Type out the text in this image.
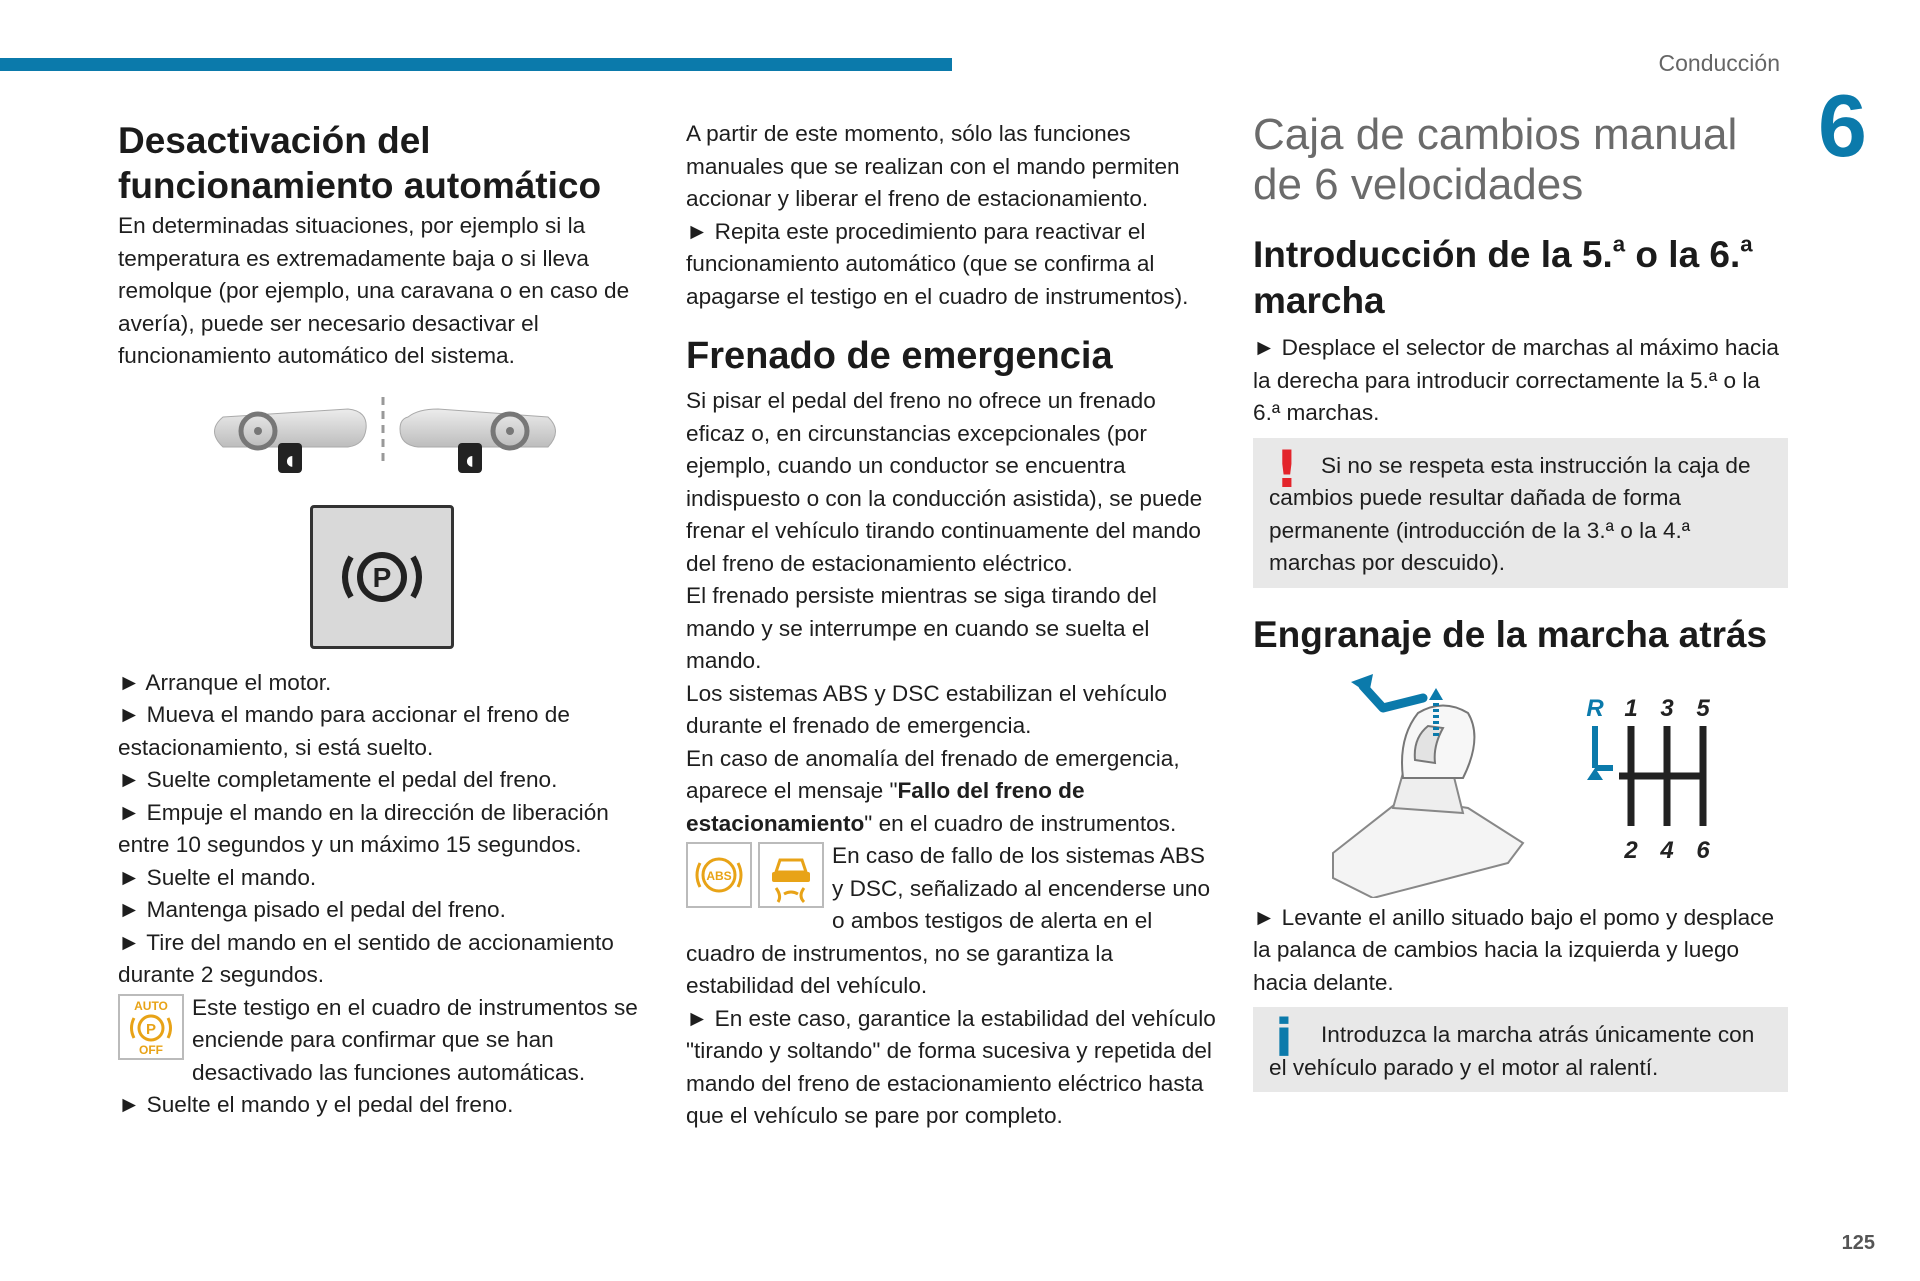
Conducción
6
125
Desactivación del funcionamiento automático

En determinadas situaciones, por ejemplo si la temperatura es extremadamente baja o si lleva remolque (por ejemplo, una caravana o en caso de avería), puede ser necesario desactivar el funcionamiento automático del sistema.

◖	◖
P

► Arranque el motor.

► Mueva el mando para accionar el freno de estacionamiento, si está suelto.

► Suelte completamente el pedal del freno.

► Empuje el mando en la dirección de liberación entre 10 segundos y un máximo 15 segundos.

► Suelte el mando.

► Mantenga pisado el pedal del freno.

► Tire del mando en el sentido de accionamiento durante 2 segundos.

AUTO
P
OFF

Este testigo en el cuadro de instrumentos se enciende para confirmar que se han desactivado las funciones automáticas.

► Suelte el mando y el pedal del freno.

A partir de este momento, sólo las funciones manuales que se realizan con el mando permiten accionar y liberar el freno de estacionamiento.

► Repita este procedimiento para reactivar el funcionamiento automático (que se confirma al apagarse el testigo en el cuadro de instrumentos).

Frenado de emergencia

Si pisar el pedal del freno no ofrece un frenado eficaz o, en circunstancias excepcionales (por ejemplo, cuando un conductor se encuentra indispuesto o con la conducción asistida), se puede frenar el vehículo tirando continuamente del mando del freno de estacionamiento eléctrico.

El frenado persiste mientras se siga tirando del mando y se interrumpe en cuando se suelta el mando.

Los sistemas ABS y DSC estabilizan el vehículo durante el frenado de emergencia.

En caso de anomalía del frenado de emergencia, aparece el mensaje "Fallo del freno de estacionamiento" en el cuadro de instrumentos.

ABS

En caso de fallo de los sistemas ABS y DSC, señalizado al encenderse uno o ambos testigos de alerta en el cuadro de instrumentos, no se garantiza la estabilidad del vehículo.

► En este caso, garantice la estabilidad del vehículo "tirando y soltando" de forma sucesiva y repetida del mando del freno de estacionamiento eléctrico hasta que el vehículo se pare por completo.

Caja de cambios manual de 6 velocidades
Introducción de la 5.$^a$ o la 6.$^a$ marcha

► Desplace el selector de marchas al máximo hacia la derecha para introducir correctamente la 5.ª o la 6.ª marchas.

! Si no se respeta esta instrucción la caja de cambios puede resultar dañada de forma permanente (introducción de la 3.ª o la 4.ª marchas por descuido).

Engranaje de la marcha atrás
R 1 3 5
2 4 6

► Levante el anillo situado bajo el pomo y desplace la palanca de cambios hacia la izquierda y luego hacia delante.

i	Introduzca la marcha atrás únicamente con el vehículo parado y el motor al ralentí.
